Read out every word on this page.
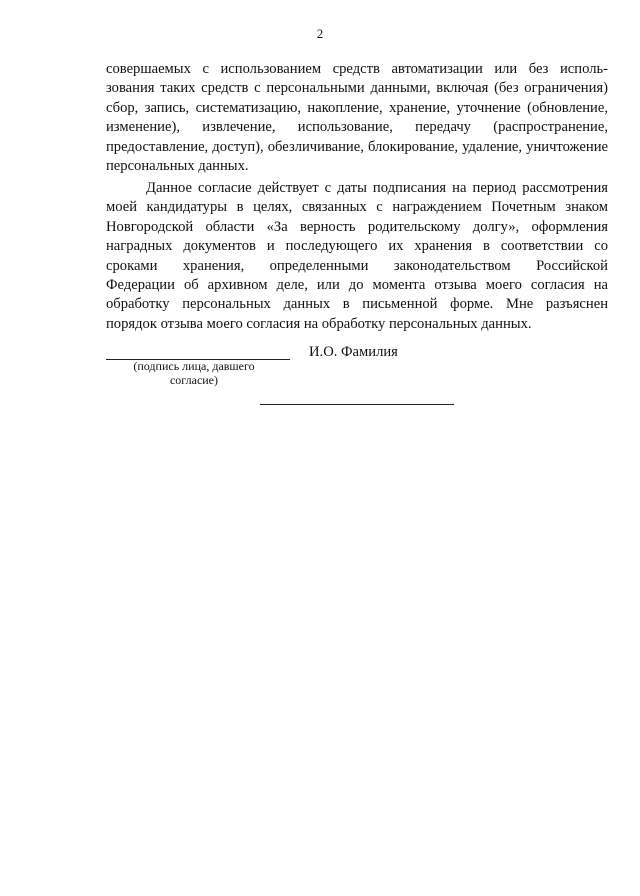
2
совершаемых с использованием средств автоматизации или без исполь-
зования таких средств с персональными данными, включая (без ограничения)
сбор, запись, систематизацию, накопление, хранение, уточнение (обновление,
изменение), извлечение, использование, передачу (распространение,
предоставление, доступ), обезличивание, блокирование, удаление, уничтожение
персональных данных.
Данное согласие действует с даты подписания на период рассмотрения
моей кандидатуры в целях, связанных с награждением Почетным знаком
Новгородской области «За верность родительскому долгу», оформления
наградных документов и последующего их хранения в соответствии со
сроками хранения, определенными законодательством Российской
Федерации об архивном деле, или до момента отзыва моего согласия на
обработку персональных данных в письменной форме. Мне разъяснен
порядок отзыва моего согласия на обработку персональных данных.
И.О. Фамилия
(подпись лица, давшего
согласие)
